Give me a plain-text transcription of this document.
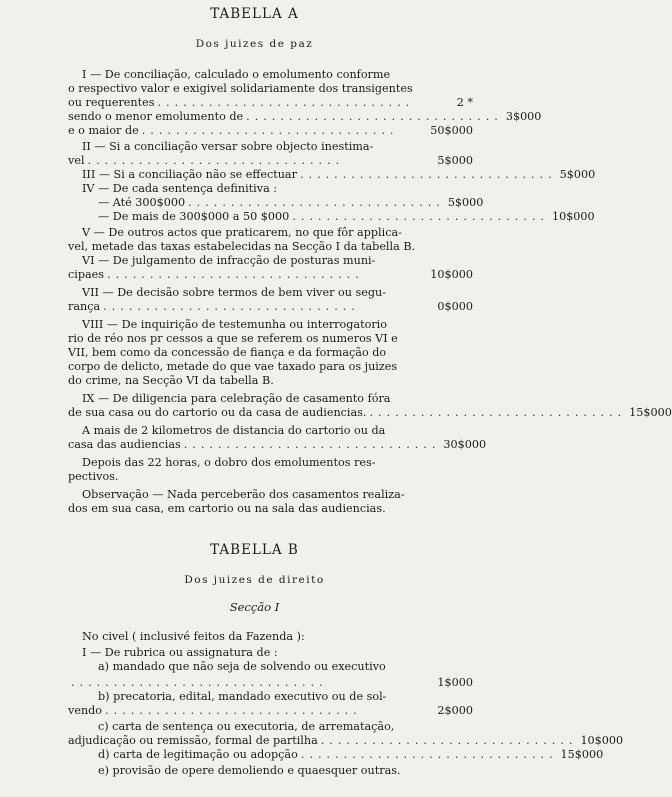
TABELLA A
Dos juizes de paz
I — De conciliação, calculado o emolumento conforme
o respectivo valor e exigivel solidariamente dos transigentes
ou requerentes ..............................	2 *
sendo o menor emolumento de .............................. 3$000
e o maior de ..............................	50$000
II — Si a conciliação versar sobre objecto inestima-
vel ..............................	5$000
III — Si a conciliação não se effectuar .............................. 5$000
IV — De cada sentença definitiva :
— Até 300$000 .............................. 5$000
— De mais de 300$000 a 50 $000 .............................. 10$000
V — De outros actos que praticarem, no que fôr applica-
vel, metade das taxas estabelecidas na Secção I da tabella B.
VI — De julgamento de infracção de posturas muni-
cipaes ..............................	10$000
VII — De decisão sobre termos de bem viver ou segu-
rança ..............................	0$000
VIII — De inquirição de testemunha ou interrogatorio
rio de réo nos pr cessos a que se referem os numeros VI e
VII, bem como da concessão de fiança e da formação do
corpo de delicto, metade do que vae taxado para os juizes
do crime, na Secção VI da tabella B.
IX — De diligencia para celebração de casamento fóra
de sua casa ou do cartorio ou da casa de audiencias. .............................. 15$000
A mais de 2 kilometros de distancia do cartorio ou da
casa das audiencias .............................. 30$000
Depois das 22 horas, o dobro dos emolumentos res-
pectivos.
Observação — Nada perceberão dos casamentos realiza-
dos em sua casa, em cartorio ou na sala das audiencias.
TABELLA B
Dos juizes de direito
Secção I
No civel ( inclusivé feitos da Fazenda ):
I — De rubrica ou assignatura de :
a) mandado que não seja de solvendo ou executivo
..............................	1$000
b) precatoria, edital, mandado executivo ou de sol-
vendo ..............................	2$000
c) carta de sentença ou executoria, de arrematação,
adjudicação ou remissão, formal de partilha .............................. 10$000
d) carta de legitimação ou adopção .............................. 15$000
e) provisão de opere demoliendo e quaesquer outras.
